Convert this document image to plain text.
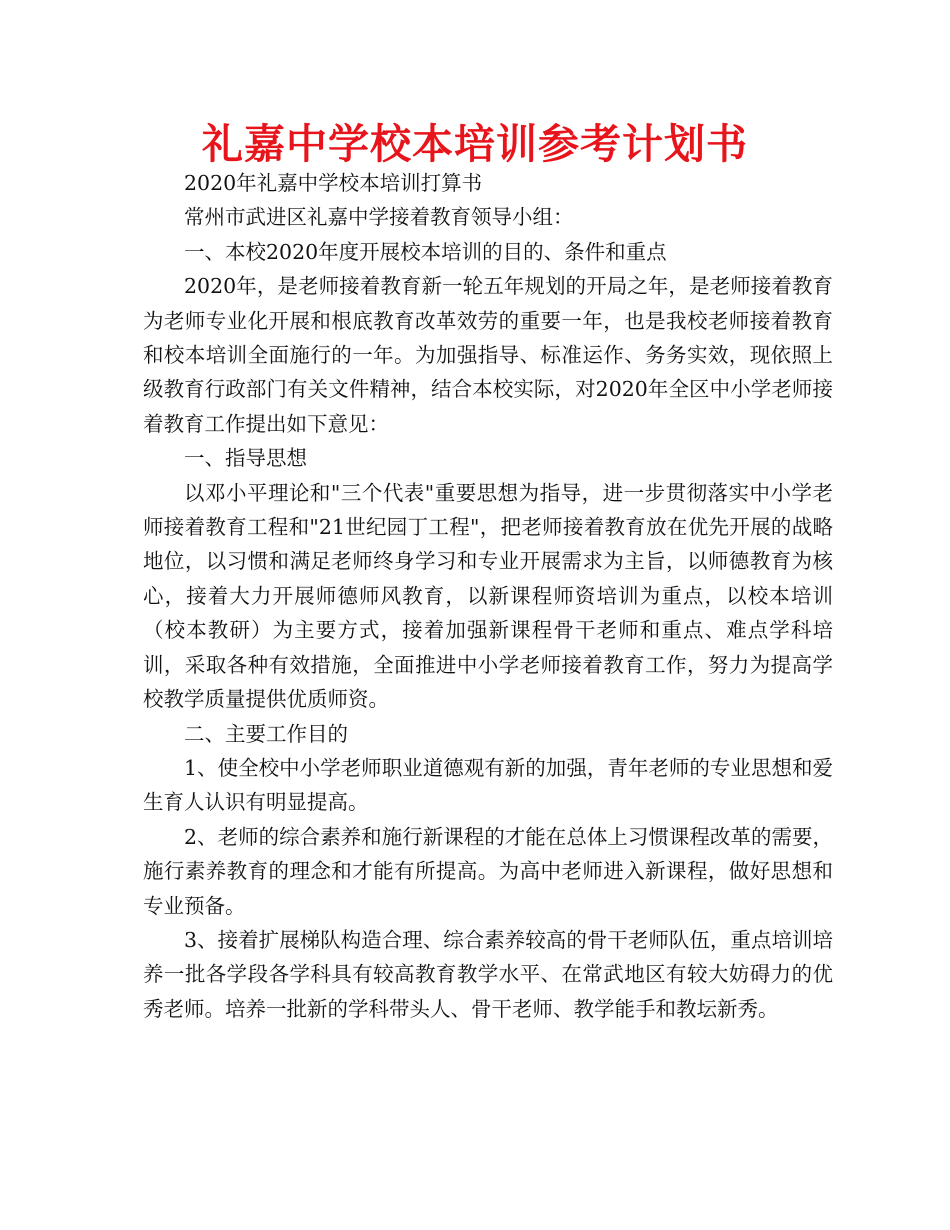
礼嘉中学校本培训参考计划书

2020年礼嘉中学校本培训打算书

常州市武进区礼嘉中学接着教育领导小组：

一、本校2020年度开展校本培训的目的、条件和重点

2020年，是老师接着教育新一轮五年规划的开局之年，是老师接着教育为老师专业化开展和根底教育改革效劳的重要一年，也是我校老师接着教育和校本培训全面施行的一年。为加强指导、标准运作、务务实效，现依照上级教育行政部门有关文件精神，结合本校实际，对2020年全区中小学老师接着教育工作提出如下意见：

一、指导思想

以邓小平理论和"三个代表"重要思想为指导，进一步贯彻落实中小学老师接着教育工程和"21世纪园丁工程"，把老师接着教育放在优先开展的战略地位，以习惯和满足老师终身学习和专业开展需求为主旨，以师德教育为核心，接着大力开展师德师风教育，以新课程师资培训为重点，以校本培训（校本教研）为主要方式，接着加强新课程骨干老师和重点、难点学科培训，采取各种有效措施，全面推进中小学老师接着教育工作，努力为提高学校教学质量提供优质师资。

二、主要工作目的

1、使全校中小学老师职业道德观有新的加强，青年老师的专业思想和爱生育人认识有明显提高。

2、老师的综合素养和施行新课程的才能在总体上习惯课程改革的需要，施行素养教育的理念和才能有所提高。为高中老师进入新课程，做好思想和专业预备。

3、接着扩展梯队构造合理、综合素养较高的骨干老师队伍，重点培训培养一批各学段各学科具有较高教育教学水平、在常武地区有较大妨碍力的优秀老师。培养一批新的学科带头人、骨干老师、教学能手和教坛新秀。
